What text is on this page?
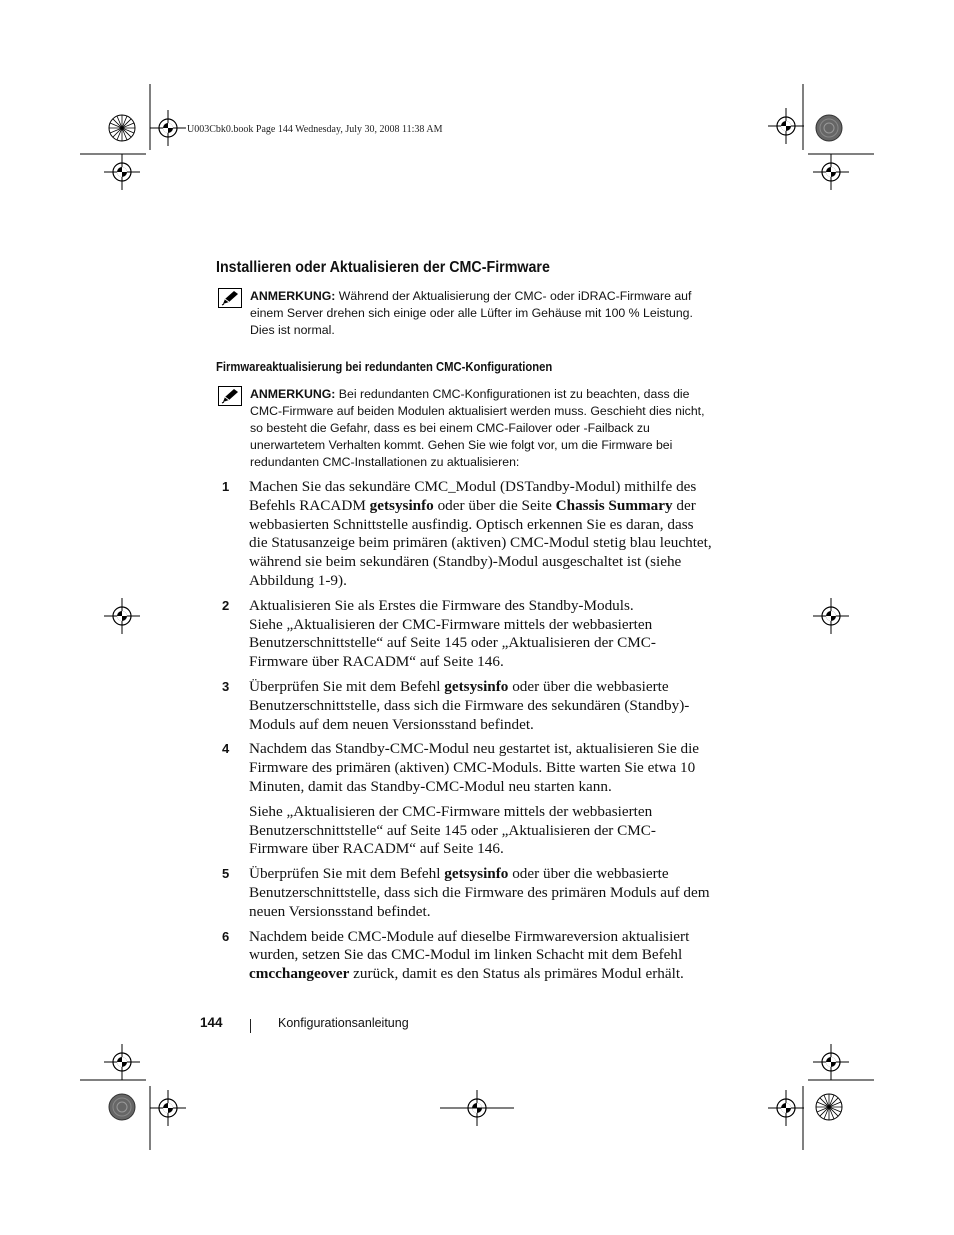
U003Cbk0.book Page 144 Wednesday, July 30, 2008 11:38 AM
Installieren oder Aktualisieren der CMC-Firmware
ANMERKUNG: Während der Aktualisierung der CMC- oder iDRAC-Firmware auf einem Server drehen sich einige oder alle Lüfter im Gehäuse mit 100 % Leistung. Dies ist normal.
Firmwareaktualisierung bei redundanten CMC-Konfigurationen
ANMERKUNG: Bei redundanten CMC-Konfigurationen ist zu beachten, dass die CMC-Firmware auf beiden Modulen aktualisiert werden muss. Geschieht dies nicht, so besteht die Gefahr, dass es bei einem CMC-Failover oder -Failback zu unerwartetem Verhalten kommt. Gehen Sie wie folgt vor, um die Firmware bei redundanten CMC-Installationen zu aktualisieren:
1	Machen Sie das sekundäre CMC_Modul (DSTandby-Modul) mithilfe des Befehls RACADM getsysinfo oder über die Seite Chassis Summary der webbasierten Schnittstelle ausfindig. Optisch erkennen Sie es daran, dass die Statusanzeige beim primären (aktiven) CMC-Modul stetig blau leuchtet, während sie beim sekundären (Standby)-Modul ausgeschaltet ist (siehe Abbildung 1-9).

2	Aktualisieren Sie als Erstes die Firmware des Standby-Moduls.

Siehe „Aktualisieren der CMC-Firmware mittels der webbasierten Benutzerschnittstelle“ auf Seite 145 oder „Aktualisieren der CMC-Firmware über RACADM“ auf Seite 146.

3	Überprüfen Sie mit dem Befehl getsysinfo oder über die webbasierte Benutzerschnittstelle, dass sich die Firmware des sekundären (Standby)-Moduls auf dem neuen Versionsstand befindet.

4	Nachdem das Standby-CMC-Modul neu gestartet ist, aktualisieren Sie die Firmware des primären (aktiven) CMC-Moduls. Bitte warten Sie etwa 10 Minuten, damit das Standby-CMC-Modul neu starten kann.

Siehe „Aktualisieren der CMC-Firmware mittels der webbasierten Benutzerschnittstelle“ auf Seite 145 oder „Aktualisieren der CMC-Firmware über RACADM“ auf Seite 146.

5	Überprüfen Sie mit dem Befehl getsysinfo oder über die webbasierte Benutzerschnittstelle, dass sich die Firmware des primären Moduls auf dem neuen Versionsstand befindet.

6	Nachdem beide CMC-Module auf dieselbe Firmwareversion aktualisiert wurden, setzen Sie das CMC-Modul im linken Schacht mit dem Befehl cmcchangeover zurück, damit es den Status als primäres Modul erhält.

144	Konfigurationsanleitung
